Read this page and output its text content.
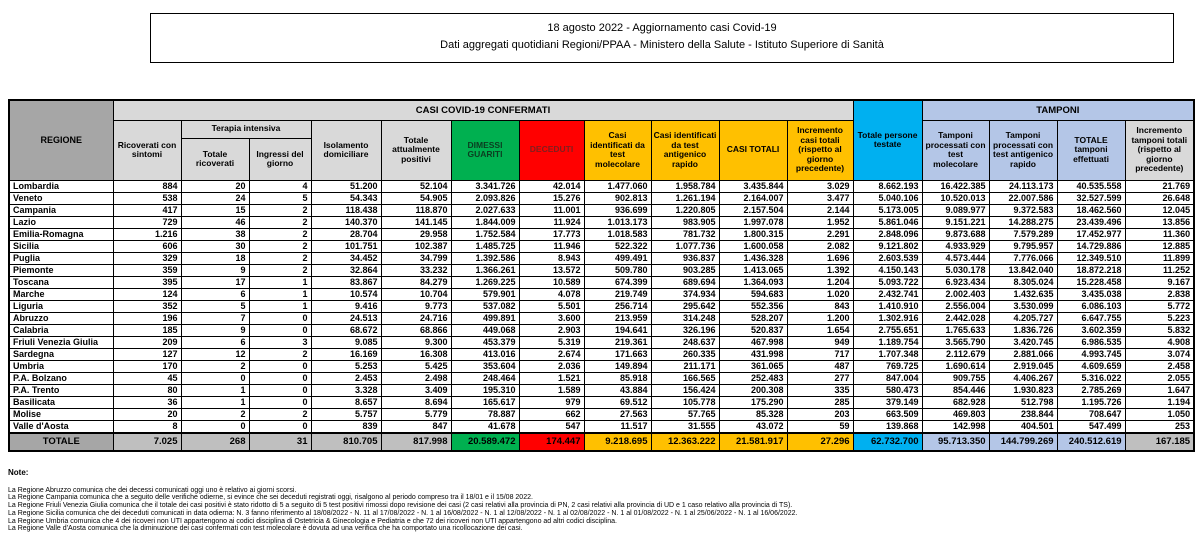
18 agosto 2022 - Aggiornamento casi Covid-19
Dati aggregati quotidiani Regioni/PPAA - Ministero della Salute - Istituto Superiore di Sanità
REGIONE	CASI COVID-19 CONFERMATI											Totale persone testate	TAMPONI			
	Ricoverati con sintomi	Terapia intensiva		Isolamento domiciliare	Totale attualmente positivi	DIMESSI GUARITI	DECEDUTI	Casi identificati da test molecolare	Casi identificati da test antigenico rapido	CASI TOTALI	Incremento casi totali (rispetto al giorno precedente)		Tamponi processati con test molecolare	Tamponi processati con test antigenico rapido	TOTALE tamponi effettuati	Incremento tamponi totali (rispetto al giorno precedente)
		Totale ricoverati	Ingressi del giorno													
Lombardia	884	20	4	51.200	52.104	3.341.726	42.014	1.477.060	1.958.784	3.435.844	3.029	8.662.193	16.422.385	24.113.173	40.535.558	21.769
Veneto	538	24	5	54.343	54.905	2.093.826	15.276	902.813	1.261.194	2.164.007	3.477	5.040.106	10.520.013	22.007.586	32.527.599	26.648
Campania	417	15	2	118.438	118.870	2.027.633	11.001	936.699	1.220.805	2.157.504	2.144	5.173.005	9.089.977	9.372.583	18.462.560	12.045
Lazio	729	46	2	140.370	141.145	1.844.009	11.924	1.013.173	983.905	1.997.078	1.952	5.861.046	9.151.221	14.288.275	23.439.496	13.856
Emilia-Romagna	1.216	38	2	28.704	29.958	1.752.584	17.773	1.018.583	781.732	1.800.315	2.291	2.848.096	9.873.688	7.579.289	17.452.977	11.360
Sicilia	606	30	2	101.751	102.387	1.485.725	11.946	522.322	1.077.736	1.600.058	2.082	9.121.802	4.933.929	9.795.957	14.729.886	12.885
Puglia	329	18	2	34.452	34.799	1.392.586	8.943	499.491	936.837	1.436.328	1.696	2.603.539	4.573.444	7.776.066	12.349.510	11.899
Piemonte	359	9	2	32.864	33.232	1.366.261	13.572	509.780	903.285	1.413.065	1.392	4.150.143	5.030.178	13.842.040	18.872.218	11.252
Toscana	395	17	1	83.867	84.279	1.269.225	10.589	674.399	689.694	1.364.093	1.204	5.093.722	6.923.434	8.305.024	15.228.458	9.167
Marche	124	6	1	10.574	10.704	579.901	4.078	219.749	374.934	594.683	1.020	2.432.741	2.002.403	1.432.635	3.435.038	2.838
Liguria	352	5	1	9.416	9.773	537.082	5.501	256.714	295.642	552.356	843	1.410.910	2.556.004	3.530.099	6.086.103	5.772
Abruzzo	196	7	0	24.513	24.716	499.891	3.600	213.959	314.248	528.207	1.200	1.302.916	2.442.028	4.205.727	6.647.755	5.223
Calabria	185	9	0	68.672	68.866	449.068	2.903	194.641	326.196	520.837	1.654	2.755.651	1.765.633	1.836.726	3.602.359	5.832
Friuli Venezia Giulia	209	6	3	9.085	9.300	453.379	5.319	219.361	248.637	467.998	949	1.189.754	3.565.790	3.420.745	6.986.535	4.908
Sardegna	127	12	2	16.169	16.308	413.016	2.674	171.663	260.335	431.998	717	1.707.348	2.112.679	2.881.066	4.993.745	3.074
Umbria	170	2	0	5.253	5.425	353.604	2.036	149.894	211.171	361.065	487	769.725	1.690.614	2.919.045	4.609.659	2.458
P.A. Bolzano	45	0	0	2.453	2.498	248.464	1.521	85.918	166.565	252.483	277	847.004	909.755	4.406.267	5.316.022	2.055
P.A. Trento	80	1	0	3.328	3.409	195.310	1.589	43.884	156.424	200.308	335	580.473	854.446	1.930.823	2.785.269	1.647
Basilicata	36	1	0	8.657	8.694	165.617	979	69.512	105.778	175.290	285	379.149	682.928	512.798	1.195.726	1.194
Molise	20	2	2	5.757	5.779	78.887	662	27.563	57.765	85.328	203	663.509	469.803	238.844	708.647	1.050
Valle d'Aosta	8	0	0	839	847	41.678	547	11.517	31.555	43.072	59	139.868	142.998	404.501	547.499	253
TOTALE	7.025	268	31	810.705	817.998	20.589.472	174.447	9.218.695	12.363.222	21.581.917	27.296	62.732.700	95.713.350	144.799.269	240.512.619	167.185
Note:
La Regione Abruzzo comunica che dei decessi comunicati oggi uno è relativo ai giorni scorsi.
La Regione Campania comunica che a seguito delle verifiche odierne, si evince che sei deceduti registrati oggi, risalgono al periodo compreso tra il 18/01 e il 15/08 2022.
La Regione Friuli Venezia Giulia comunica che il totale dei casi positivi è stato ridotto di 5 a seguito di 5 test positivi rimossi dopo revisione dei casi (2 casi relativi alla provincia di PN, 2 casi relativi alla provincia di UD e 1 caso relativo alla provincia di TS).
La Regione Sicilia comunica che dei deceduti comunicati in data odierna: N. 3 fanno riferimento al 18/08/2022 - N. 11 al 17/08/2022 - N. 1 al 16/08/2022 - N. 1 al 12/08/2022 - N. 1 al 02/08/2022 - N. 1 al 01/08/2022 - N. 1 al 25/06/2022 - N. 1 al 16/06/2022.
La Regione Umbria comunica che 4 dei ricoveri non UTI appartengono ai codici disciplina di Ostetricia & Ginecologia e Pediatria e che 72 dei ricoveri non UTI appartengono ad altri codici disciplina.
La Regione Valle d'Aosta comunica che la diminuzione dei casi confermati con test molecolare è dovuta ad una verifica che ha comportato una ricollocazione dei casi.
